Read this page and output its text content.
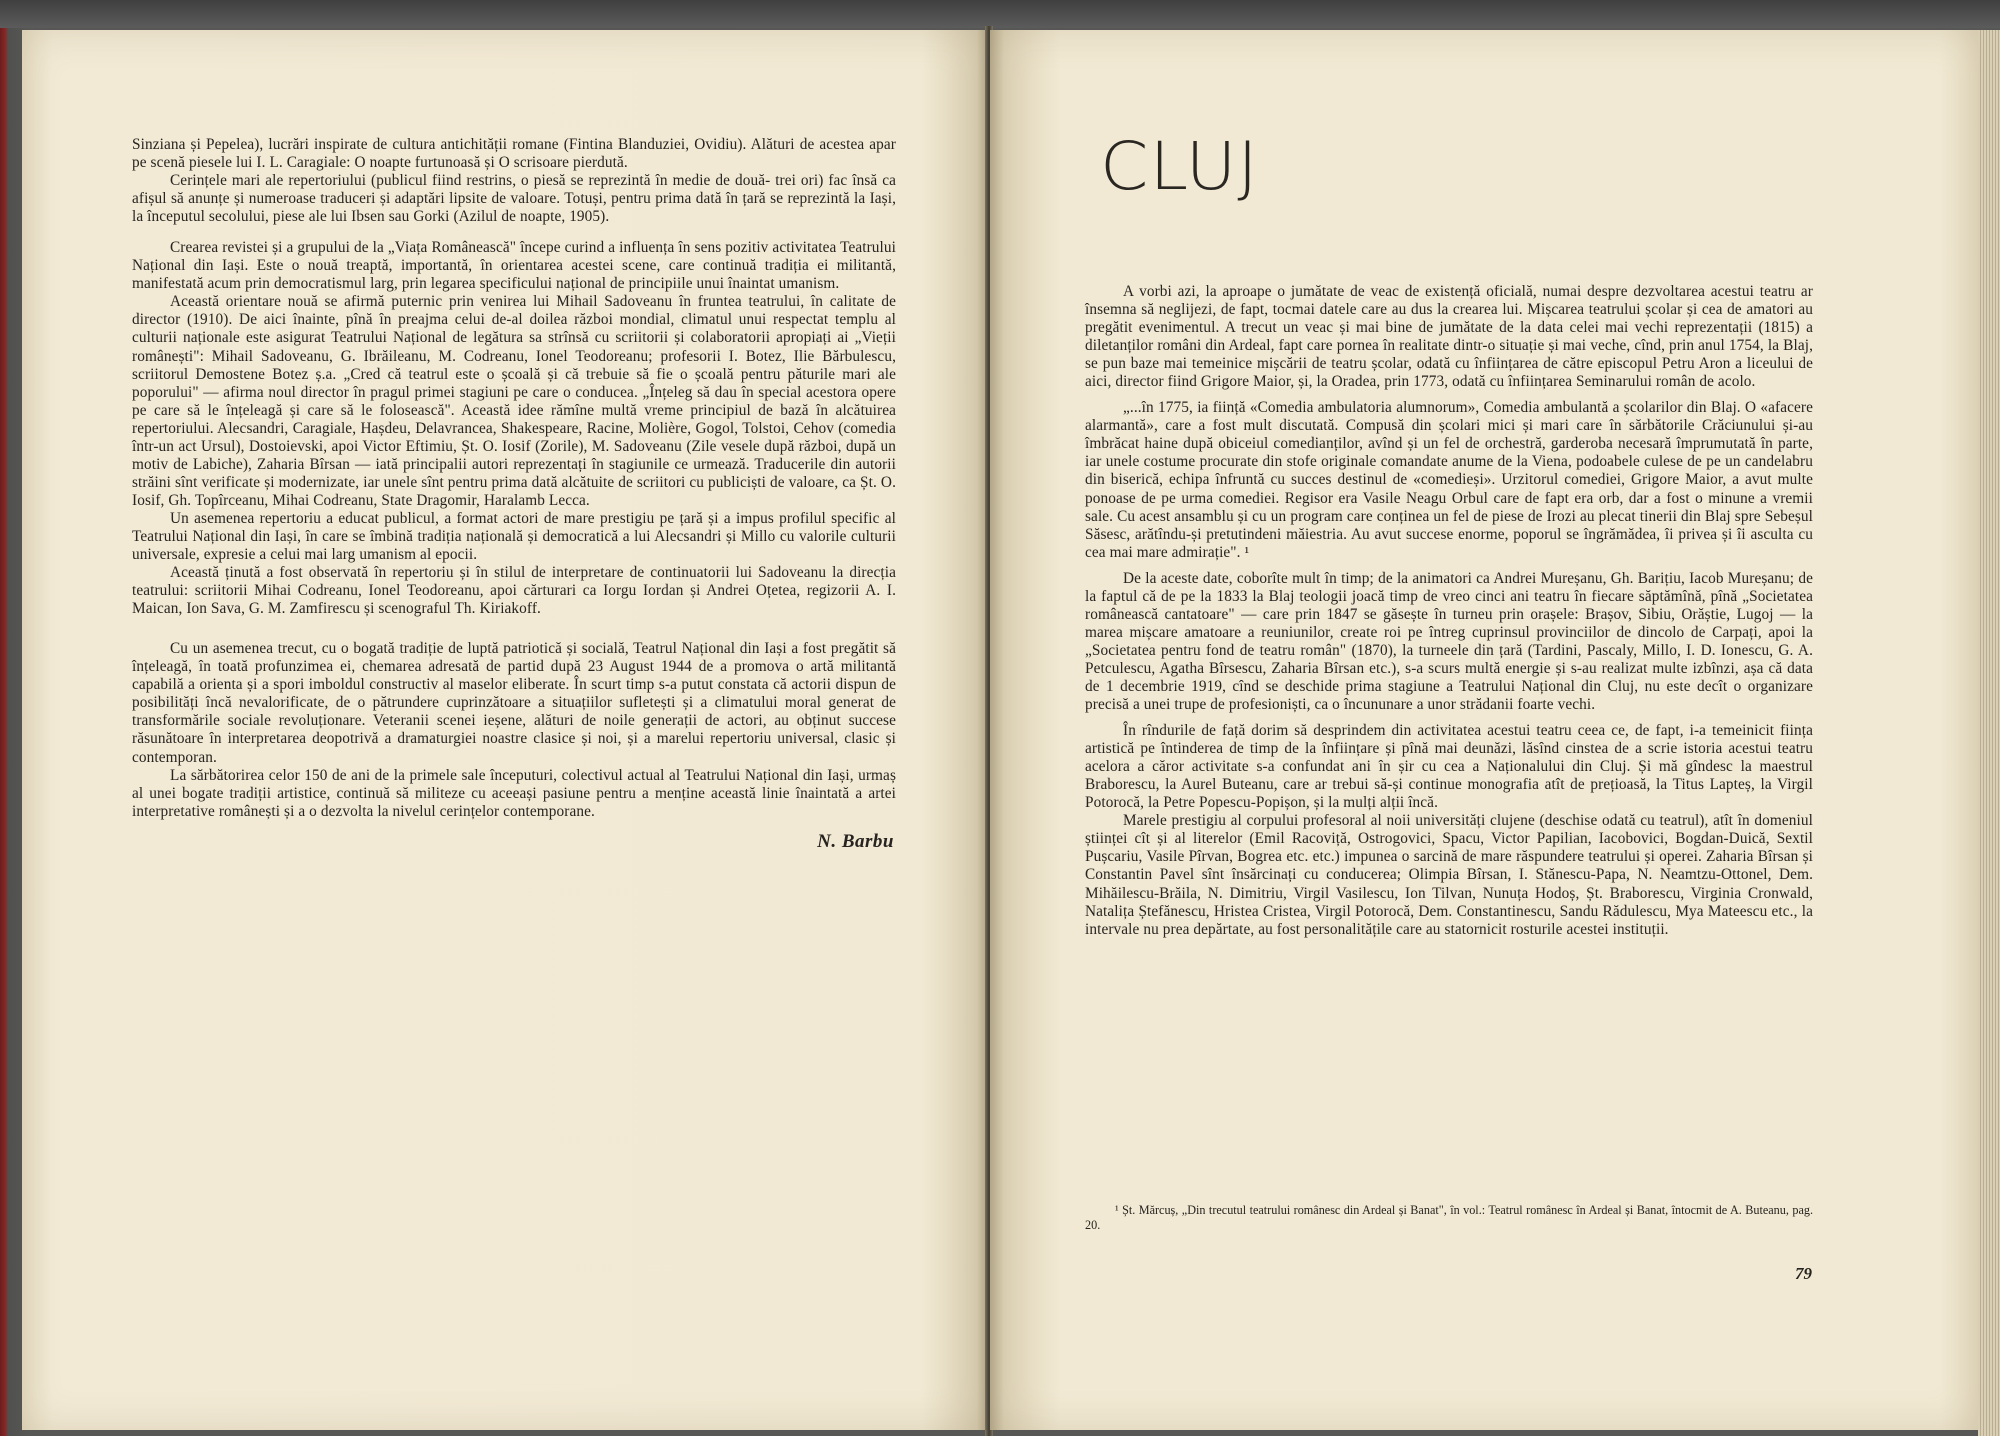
Sinziana și Pepelea), lucrări inspirate de cultura antichității romane (Fintina Blanduziei, Ovidiu). Alături de acestea apar pe scenă piesele lui I. L. Caragiale: O noapte furtunoasă și O scrisoare pierdută.

Cerințele mari ale repertoriului (publicul fiind restrins, o piesă se reprezintă în medie de două- trei ori) fac însă ca afișul să anunțe și numeroase traduceri și adaptări lipsite de valoare. Totuși, pentru prima dată în țară se reprezintă la Iași, la începutul secolului, piese ale lui Ibsen sau Gorki (Azilul de noapte, 1905).

Crearea revistei și a grupului de la „Viața Românească" începe curind a influența în sens pozitiv activitatea Teatrului Național din Iași. Este o nouă treaptă, importantă, în orientarea acestei scene, care continuă tradiția ei militantă, manifestată acum prin democratismul larg, prin legarea specificului național de principiile unui înaintat umanism.

Această orientare nouă se afirmă puternic prin venirea lui Mihail Sadoveanu în fruntea teatrului, în calitate de director (1910). De aici înainte, pînă în preajma celui de-al doilea război mondial, climatul unui respectat templu al culturii naționale este asigurat Teatrului Național de legătura sa strînsă cu scriitorii și colaboratorii apropiați ai „Vieții românești": Mihail Sadoveanu, G. Ibrăileanu, M. Codreanu, Ionel Teodoreanu; profesorii I. Botez, Ilie Bărbulescu, scriitorul Demostene Botez ș.a. „Cred că teatrul este o școală și că trebuie să fie o școală pentru păturile mari ale poporului" — afirma noul director în pragul primei stagiuni pe care o conducea. „Înțeleg să dau în special acestora opere pe care să le înțeleagă și care să le folosească". Această idee rămîne multă vreme principiul de bază în alcătuirea repertoriului. Alecsandri, Caragiale, Hașdeu, Delavrancea, Shakespeare, Racine, Molière, Gogol, Tolstoi, Cehov (comedia într-un act Ursul), Dostoievski, apoi Victor Eftimiu, Șt. O. Iosif (Zorile), M. Sadoveanu (Zile vesele după război, după un motiv de Labiche), Zaharia Bîrsan — iată principalii autori reprezentați în stagiunile ce urmează. Traducerile din autorii străini sînt verificate și modernizate, iar unele sînt pentru prima dată alcătuite de scriitori cu publiciști de valoare, ca Șt. O. Iosif, Gh. Topîrceanu, Mihai Codreanu, State Dragomir, Haralamb Lecca.

Un asemenea repertoriu a educat publicul, a format actori de mare prestigiu pe țară și a impus profilul specific al Teatrului Național din Iași, în care se îmbină tradiția națională și democratică a lui Alecsandri și Millo cu valorile culturii universale, expresie a celui mai larg umanism al epocii.

Această ținută a fost observată în repertoriu și în stilul de interpretare de continuatorii lui Sadoveanu la direcția teatrului: scriitorii Mihai Codreanu, Ionel Teodoreanu, apoi cărturari ca Iorgu Iordan și Andrei Oțetea, regizorii A. I. Maican, Ion Sava, G. M. Zamfirescu și scenograful Th. Kiriakoff.

Cu un asemenea trecut, cu o bogată tradiție de luptă patriotică și socială, Teatrul Național din Iași a fost pregătit să înțeleagă, în toată profunzimea ei, chemarea adresată de partid după 23 August 1944 de a promova o artă militantă capabilă a orienta și a spori imboldul constructiv al maselor eliberate. În scurt timp s-a putut constata că actorii dispun de posibilități încă nevalorificate, de o pătrundere cuprinzătoare a situațiilor sufletești și a climatului moral generat de transformările sociale revoluționare. Veteranii scenei ieșene, alături de noile generații de actori, au obținut succese răsunătoare în interpretarea deopotrivă a dramaturgiei noastre clasice și noi, și a marelui repertoriu universal, clasic și contemporan.

La sărbătorirea celor 150 de ani de la primele sale începuturi, colectivul actual al Teatrului Național din Iași, urmaș al unei bogate tradiții artistice, continuă să militeze cu aceeași pasiune pentru a menține această linie înaintată a artei interpretative românești și a o dezvolta la nivelul cerințelor contemporane.

N. Barbu
CLUJ

A vorbi azi, la aproape o jumătate de veac de existență oficială, numai despre dezvoltarea acestui teatru ar însemna să neglijezi, de fapt, tocmai datele care au dus la crearea lui. Mișcarea teatrului școlar și cea de amatori au pregătit evenimentul. A trecut un veac și mai bine de jumătate de la data celei mai vechi reprezentații (1815) a diletanților români din Ardeal, fapt care pornea în realitate dintr-o situație și mai veche, cînd, prin anul 1754, la Blaj, se pun baze mai temeinice mișcării de teatru școlar, odată cu înființarea de către episcopul Petru Aron a liceului de aici, director fiind Grigore Maior, și, la Oradea, prin 1773, odată cu înființarea Seminarului român de acolo.

„...în 1775, ia ființă «Comedia ambulatoria alumnorum», Comedia ambulantă a școlarilor din Blaj. O «afacere alarmantă», care a fost mult discutată. Compusă din școlari mici și mari care în sărbătorile Crăciunului și-au îmbrăcat haine după obiceiul comedianților, avînd și un fel de orchestră, garderoba necesară împrumutată în parte, iar unele costume procurate din stofe originale comandate anume de la Viena, podoabele culese de pe un candelabru din biserică, echipa înfruntă cu succes destinul de «comedieși». Urzitorul comediei, Grigore Maior, a avut multe ponoase de pe urma comediei. Regisor era Vasile Neagu Orbul care de fapt era orb, dar a fost o minune a vremii sale. Cu acest ansamblu și cu un program care conținea un fel de piese de Irozi au plecat tinerii din Blaj spre Sebeșul Săsesc, arătîndu-și pretutindeni măiestria. Au avut succese enorme, poporul se îngrămădea, îi privea și îi asculta cu cea mai mare admirație". ¹

De la aceste date, coborîte mult în timp; de la animatori ca Andrei Mureșanu, Gh. Barițiu, Iacob Mureșanu; de la faptul că de pe la 1833 la Blaj teologii joacă timp de vreo cinci ani teatru în fiecare săptămînă, pînă „Societatea românească cantatoare" — care prin 1847 se găsește în turneu prin orașele: Brașov, Sibiu, Orăștie, Lugoj — la marea mișcare amatoare a reuniunilor, create roi pe întreg cuprinsul provinciilor de dincolo de Carpați, apoi la „Societatea pentru fond de teatru român" (1870), la turneele din țară (Tardini, Pascaly, Millo, I. D. Ionescu, G. A. Petculescu, Agatha Bîrsescu, Zaharia Bîrsan etc.), s-a scurs multă energie și s-au realizat multe izbînzi, așa că data de 1 decembrie 1919, cînd se deschide prima stagiune a Teatrului Național din Cluj, nu este decît o organizare precisă a unei trupe de profesioniști, ca o încununare a unor strădanii foarte vechi.

În rîndurile de față dorim să desprindem din activitatea acestui teatru ceea ce, de fapt, i-a temeinicit ființa artistică pe întinderea de timp de la înființare și pînă mai deunăzi, lăsînd cinstea de a scrie istoria acestui teatru acelora a căror activitate s-a confundat ani în șir cu cea a Naționalului din Cluj. Și mă gîndesc la maestrul Braborescu, la Aurel Buteanu, care ar trebui să-și continue monografia atît de prețioasă, la Titus Lapteș, la Virgil Potorocă, la Petre Popescu-Popișon, și la mulți alții încă.

Marele prestigiu al corpului profesoral al noii universități clujene (deschise odată cu teatrul), atît în domeniul științei cît și al literelor (Emil Racoviță, Ostrogovici, Spacu, Victor Papilian, Iacobovici, Bogdan-Duică, Sextil Pușcariu, Vasile Pîrvan, Bogrea etc. etc.) impunea o sarcină de mare răspundere teatrului și operei. Zaharia Bîrsan și Constantin Pavel sînt însărcinați cu conducerea; Olimpia Bîrsan, I. Stănescu-Papa, N. Neamtzu-Ottonel, Dem. Mihăilescu-Brăila, N. Dimitriu, Virgil Vasilescu, Ion Tilvan, Nunuța Hodoș, Șt. Braborescu, Virginia Cronwald, Natalița Ștefănescu, Hristea Cristea, Virgil Potorocă, Dem. Constantinescu, Sandu Rădulescu, Mya Mateescu etc., la intervale nu prea depărtate, au fost personalitățile care au statornicit rosturile acestei instituții.

¹ Șt. Mărcuș, „Din trecutul teatrului românesc din Ardeal și Banat", în vol.: Teatrul românesc în Ardeal și Banat, întocmit de A. Buteanu, pag. 20.

79
